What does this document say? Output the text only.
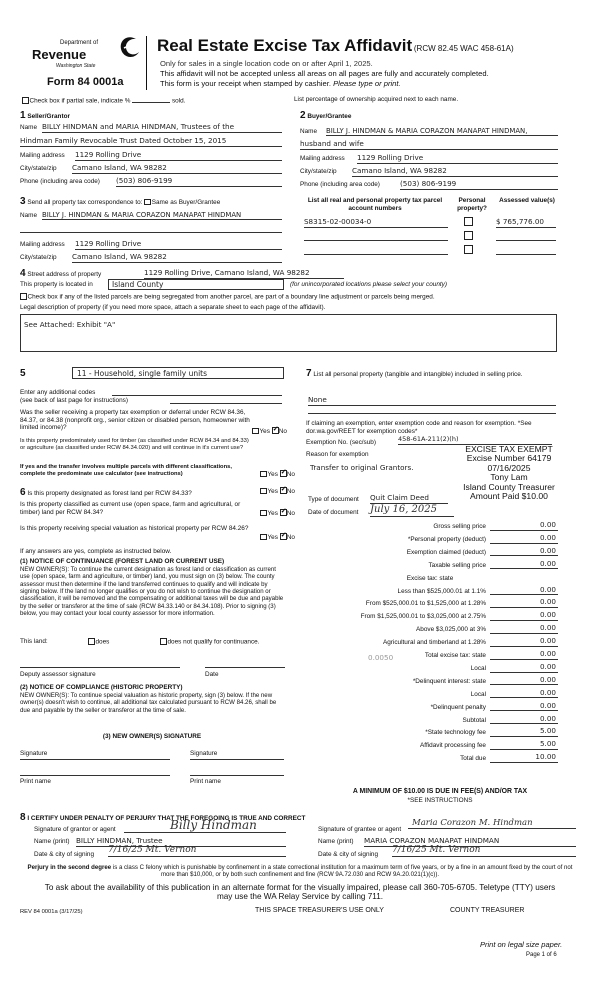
Department of
Revenue
Washington State
Form 84 0001a
Real Estate Excise Tax Affidavit (RCW 82.45 WAC 458-61A)
Only for sales in a single location code on or after April 1, 2025.
This affidavit will not be accepted unless all areas on all pages are fully and accurately completed.
This form is your receipt when stamped by cashier. Please type or print.
Check box if partial sale, indicate %	sold.	List percentage of ownership acquired next to each name.
1 Seller/Grantor
Name BILLY HINDMAN and MARIA HINDMAN, Trustees of the
Hindman Family Revocable Trust Dated October 15, 2015
Mailing address 1129 Rolling Drive
City/state/zip Camano Island, WA 98282
Phone (including area code) (503) 806-9199
2 Buyer/Grantee
Name BILLY J. HINDMAN & MARIA CORAZON MANAPAT HINDMAN,
husband and wife
Mailing address 1129 Rolling Drive
City/state/zip Camano Island, WA 98282
Phone (including area code)	(503) 806-9199
3 Send all property tax correspondence to: Same as Buyer/Grantee
Name BILLY J. HINDMAN & MARIA CORAZON MANAPAT HINDMAN
Mailing address 1129 Rolling Drive
City/state/zip Camano Island, WA 98282
List all real and personal property tax parcel account numbers
Personal property?
Assessed value(s)
S8315-02-00034-0	$ 765,776.00
4 Street address of property	1129 Rolling Drive, Camano Island, WA 98282
This property is located in	Island County	(for unincorporated locations please select your county)
Check box if any of the listed parcels are being segregated from another parcel, are part of a boundary line adjustment or parcels being merged.
Legal description of property (if you need more space, attach a separate sheet to each page of the affidavit).
See Attached: Exhibit "A"
5	11 - Household, single family units
Enter any additional codes
(see back of last page for instructions)
Was the seller receiving a property tax exemption or deferral under RCW 84.36, 84.37, or 84.38 (nonprofit org., senior citizen or disabled person, homeowner with limited income)?
Yes ✓ No
Is this property predominately used for timber (as classified under RCW 84.34 and 84.33) or agriculture (as classified under RCW 84.34.020) and will continue in it's current use?
If yes and the transfer involves multiple parcels with different classifications, complete the predominate use calculator (see instructions)	Yes ✓ No
6 Is this property designated as forest land per RCW 84.33?	Yes ✓ No
Is this property classified as current use (open space, farm and agricultural, or timber) land per RCW 84.34?	Yes ✓ No
Is this property receiving special valuation as historical property per RCW 84.26?
Yes ✓ No
If any answers are yes, complete as instructed below.
(1) NOTICE OF CONTINUANCE (FOREST LAND OR CURRENT USE)
NEW OWNER(S): To continue the current designation as forest land or classification as current use (open space, farm and agriculture, or timber) land, you must sign on (3) below. The county assessor must then determine if the land transferred continues to qualify and will indicate by signing below. If the land no longer qualifies or you do not wish to continue the designation or classification, it will be removed and the compensating or additional taxes will be due and payable by the seller or transferor at the time of sale (RCW 84.33.140 or 84.34.108). Prior to signing (3) below, you may contact your local county assessor for more information.
This land:	does	does not qualify for continuance.
Deputy assessor signature	Date
(2) NOTICE OF COMPLIANCE (HISTORIC PROPERTY)
NEW OWNER(S): To continue special valuation as historic property, sign (3) below. If the new owner(s) doesn't wish to continue, all additional tax calculated pursuant to RCW 84.26, shall be due and payable by the seller or transferor at the time of sale.
(3) NEW OWNER(S) SIGNATURE
Signature	Signature
Print name	Print name
7 List all personal property (tangible and intangible) included in selling price.
None
If claiming an exemption, enter exemption code and reason for exemption. *See dor.wa.gov/REET for exemption codes*
Exemption No. (sec/sub)	458-61A-211(2)(h)
Reason for exemption
Transfer to original Grantors.
EXCISE TAX EXEMPT
Excise Number 64179
07/16/2025
Tony Lam
Island County Treasurer
Amount Paid $10.00
Type of document Quit Claim Deed
Date of document July 16, 2025
Gross selling price	0.00
*Personal property (deduct)	0.00
Exemption claimed (deduct)	0.00
Taxable selling price	0.00
Excise tax: state
Less than $525,000.01 at 1.1%	0.00
From $525,000.01 to $1,525,000 at 1.28%	0.00
From $1,525,000.01 to $3,025,000 at 2.75%	0.00
Above $3,025,000 at 3%	0.00
Agricultural and timberland at 1.28%	0.00
Total excise tax: state	0.00
Local	0.00
*Delinquent interest: state	0.00
Local	0.00
*Delinquent penalty	0.00
Subtotal	0.00
*State technology fee	5.00
Affidavit processing fee	5.00
Total due	10.00
0.0050
A MINIMUM OF $10.00 IS DUE IN FEE(S) AND/OR TAX
*SEE INSTRUCTIONS
8 I CERTIFY UNDER PENALTY OF PERJURY THAT THE FOREGOING IS TRUE AND CORRECT
Signature of grantor or agent	Billy Hindman
Name (print) BILLY HINDMAN, Trustee
Date & city of signing 7/16/25 Mt. Vernon
Signature of grantee or agent
Maria Corazon M. Hindman
Name (print) MARIA CORAZON MANAPAT HINDMAN
Date & city of signing 7/16/25 Mt. Vernon
Perjury in the second degree is a class C felony which is punishable by confinement in a state correctional institution for a maximum term of five years, or by a fine in an amount fixed by the court of not more than $10,000, or by both such confinement and fine (RCW 9A.72.030 and RCW 9A.20.021(1)(c)).
To ask about the availability of this publication in an alternate format for the visually impaired, please call 360-705-6705. Teletype (TTY) users may use the WA Relay Service by calling 711.
REV 84 0001a (3/17/25)	THIS SPACE TREASURER'S USE ONLY	COUNTY TREASURER
Print on legal size paper.
Page 1 of 6
